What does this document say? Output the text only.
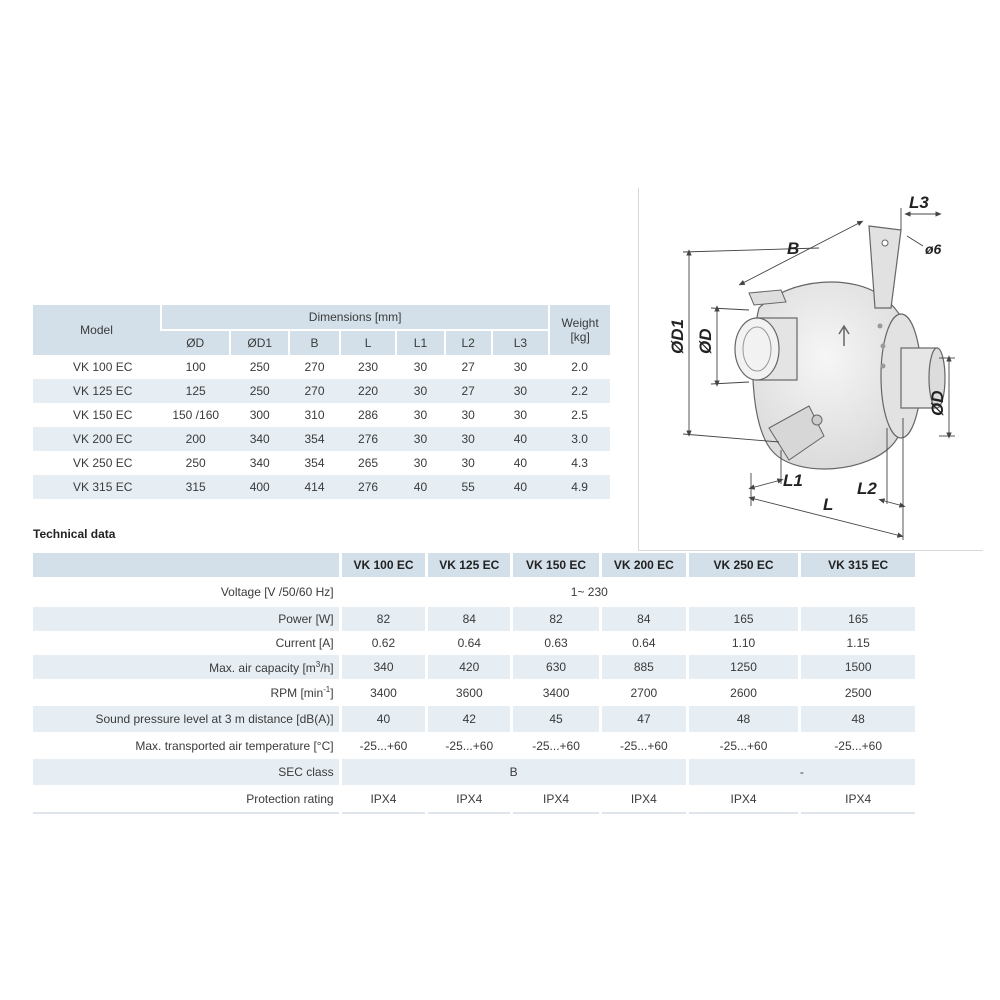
Model	Dimensions [mm]							Weight
[kg]

	ØD	ØD1	B	L	L1	L2	L3	
VK 100 EC	100	250	270	230	30	27	30	2.0
VK 125 EC	125	250	270	220	30	27	30	2.2
VK 150 EC	150 /160	300	310	286	30	30	30	2.5
VK 200 EC	200	340	354	276	30	30	40	3.0
VK 250 EC	250	340	354	265	30	30	40	4.3
VK 315 EC	315	400	414	276	40	55	40	4.9
Technical data
	VK 100 EC	VK 125 EC	VK 150 EC	VK 200 EC	VK 250 EC	VK 315 EC
Voltage [V /50/60 Hz]	1~ 230					
Power [W]	82	84	82	84	165	165
Current [A]	0.62	0.64	0.63	0.64	1.10	1.15
Max. air capacity $[m^3/h]$	340	420	630	885	1250	1500
RPM $[\min^{-1}]$	3400	3600	3400	2700	2600	2500
Sound pressure level at 3 m distance [dB(A)]	40	42	45	47	48	48
Max. transported air temperature [°C]	-25...+60	-25...+60	-25...+60	-25...+60	-25...+60	-25...+60
SEC class	B				-	
Protection rating	IPX4	IPX4	IPX4	IPX4	IPX4	IPX4
L3
ø6
B
ØD1 ØD
ØD
L1	L2
L
